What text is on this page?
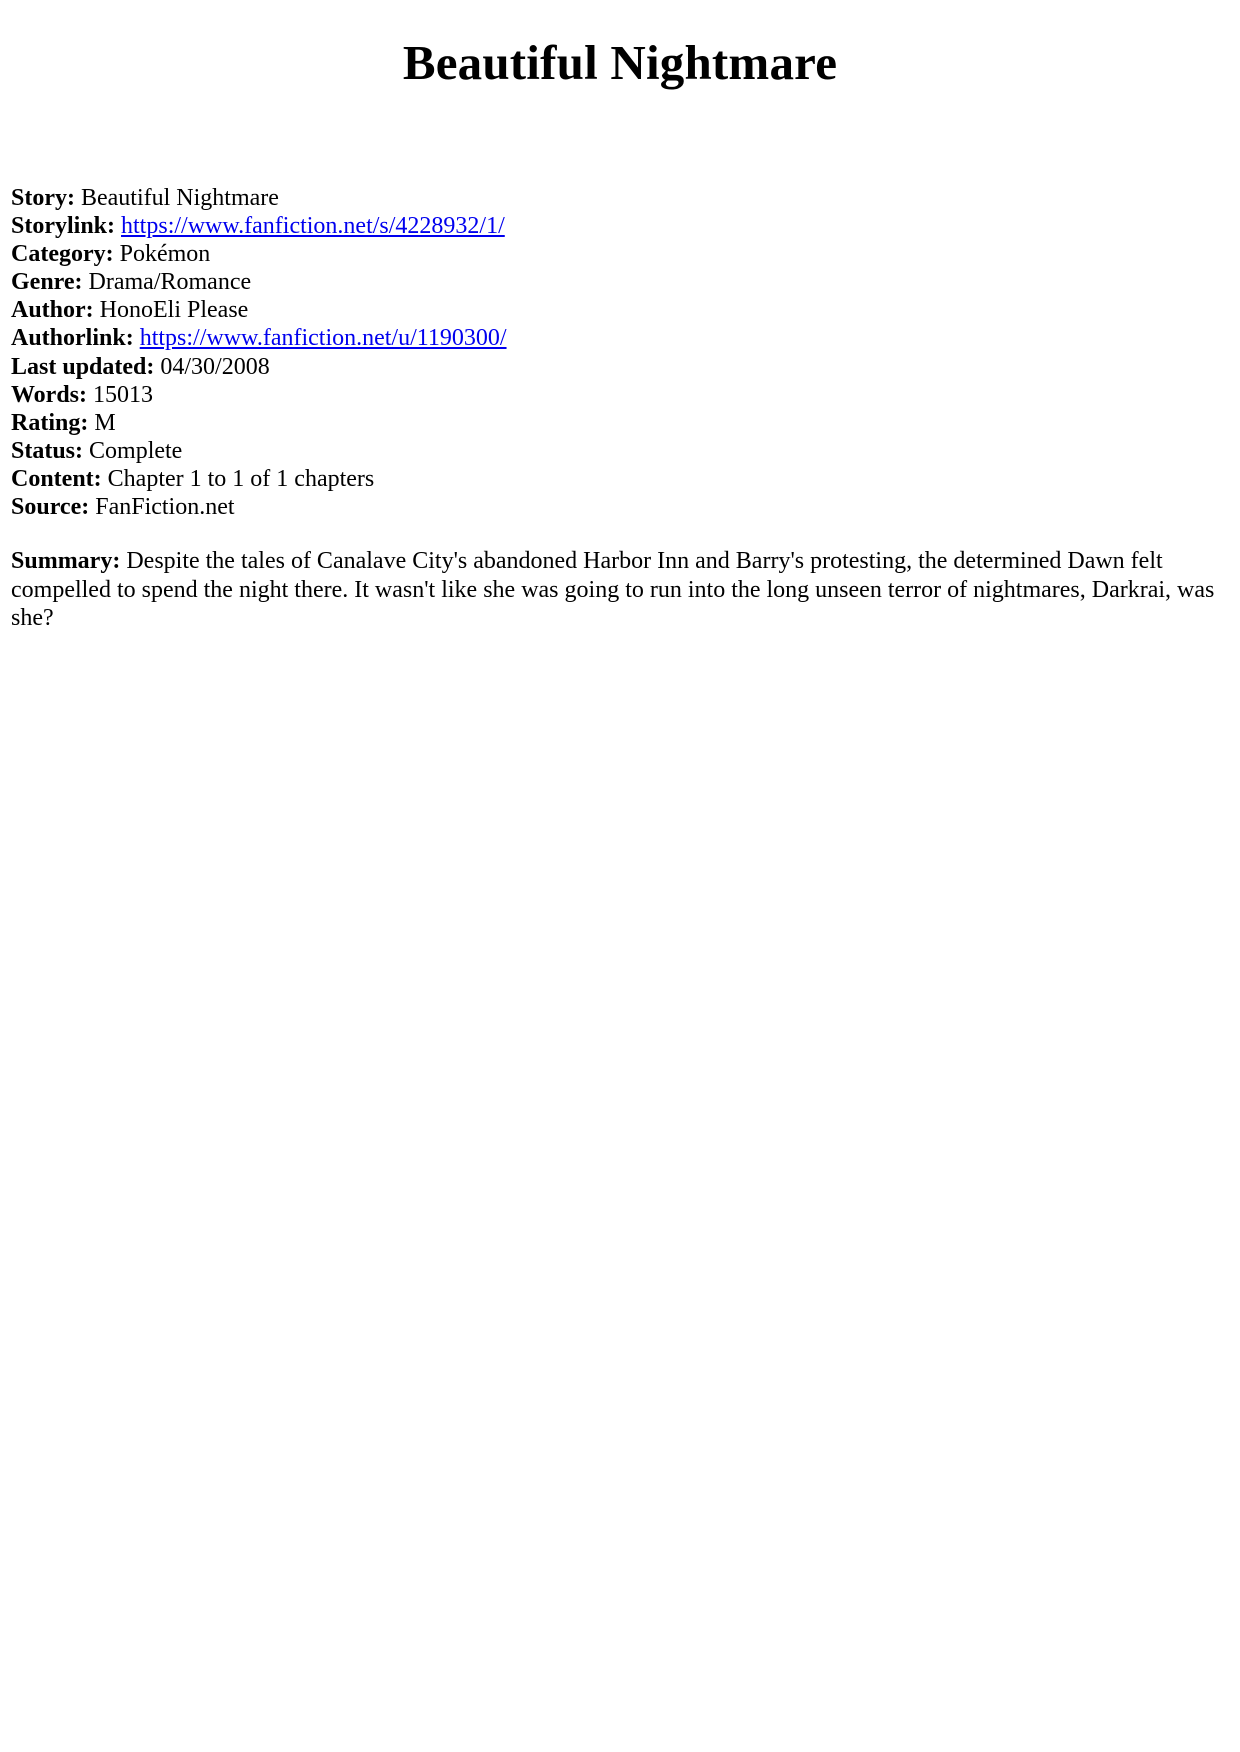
Beautiful Nightmare
Story: Beautiful Nightmare
Storylink: https://www.fanfiction.net/s/4228932/1/
Category: Pokémon
Genre: Drama/Romance
Author: HonoEli Please
Authorlink: https://www.fanfiction.net/u/1190300/
Last updated: 04/30/2008
Words: 15013
Rating: M
Status: Complete
Content: Chapter 1 to 1 of 1 chapters
Source: FanFiction.net
Summary: Despite the tales of Canalave City's abandoned Harbor Inn and Barry's protesting, the determined Dawn felt compelled to spend the night there. It wasn't like she was going to run into the long unseen terror of nightmares, Darkrai, was she?
